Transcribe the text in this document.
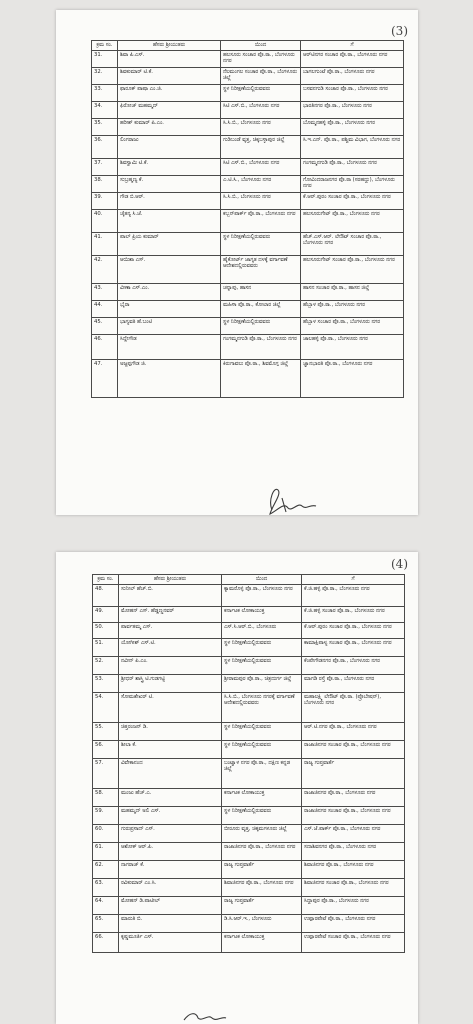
(3)
ಕ್ರಮ ಸಂ.	ಹೆಸರು ಶ್ರೀಯುತರು	ಯಿಂದ	ಗೆ
31.	ಶಿವಾ ಪಿ.ಎಸ್.	ಹಲಸೂರು ಸಂಚಾರ ಪೊ.ಠಾ., ಬೆಂಗಳೂರು ನಗರ	ಆರ್‌ಟಿನಗರ ಸಂಚಾರ ಪೊ.ಠಾ., ಬೆಂಗಳೂರು ನಗರ
32.	ಶಿವಕುಮಾರ್ ಟಿ.ಕೆ.	ನೆಲಮಂಗಲ ಸಂಚಾರ ಪೊ.ಠಾ., ಬೆಂಗಳೂರು ಜಿಲ್ಲೆ	ಬಾಗಲಗುಂಟೆ ಪೊ.ಠಾ., ಬೆಂಗಳೂರು ನಗರ
33.	ಫಾರೂಕ್ ಪಾಷಾ ಎಂ.ಜಿ.	ಸ್ಥಳ ನಿರೀಕ್ಷಣೆಯಲ್ಲಿರುವವರು	ಬಸವನಗುಡಿ ಸಂಚಾರ ಪೊ.ಠಾ., ಬೆಂಗಳೂರು ನಗರ
34.	ಫಿರೋಜ್ ಮಹಮ್ಮದ್	ಸಿಟಿ ಎಸ್.ಬಿ., ಬೆಂಗಳೂರು ನಗರ	ಭಾರತಿನಗರ ಪೊ.ಠಾ., ಬೆಂಗಳೂರು ನಗರ
35.	ಹರೀಶ್ ಕುಮಾರ್ ಪಿ.ಎಂ.	ಸಿ.ಸಿ.ಬಿ., ಬೆಂಗಳೂರು ನಗರ	ಬೊಮ್ಮನಹಳ್ಳಿ ಪೊ.ಠಾ., ಬೆಂಗಳೂರು ನಗರ
36.	ಲಿಂಗರಾಜು	ಗುಡಿಬಂಡೆ ವೃತ್ತ, ಚಿಕ್ಕಬಳ್ಳಾಪುರ ಜಿಲ್ಲೆ	ಸಿ.ಇ.ಎನ್. ಪೊ.ಠಾ., ಪಶ್ಚಿಮ ವಿಭಾಗ, ಬೆಂಗಳೂರು ನಗರ
37.	ಶಿವಸ್ವಾಮಿ ಟಿ.ಕೆ.	ಸಿಟಿ ಎಸ್.ಬಿ., ಬೆಂಗಳೂರು ನಗರ	ಗಂಗಮ್ಮನಗುಡಿ ಪೊ.ಠಾ., ಬೆಂಗಳೂರು ನಗರ
38.	ಸುಬ್ರಹ್ಮಣ್ಯ ಕೆ.	ಎ.ಟಿ.ಸಿ., ಬೆಂಗಳೂರು ನಗರ	ಗೋವಿಂದರಾಜನಗರ ಪೊ.ಠಾ (ಸರಹದ್ದು), ಬೆಂಗಳೂರು ನಗರ
39.	ಗೌಡ ಬಿ.ಆರ್.	ಸಿ.ಸಿ.ಬಿ., ಬೆಂಗಳೂರು ನಗರ	ಕೆ.ಆರ್.ಪುರಂ ಸಂಚಾರ ಪೊ.ಠಾ., ಬೆಂಗಳೂರು ನಗರ
40.	ಚೈತನ್ಯ ಸಿ.ಜೆ.	ಕಬ್ಬನ್‌ಪಾರ್ಕ್ ಪೊ.ಠಾ., ಬೆಂಗಳೂರು ನಗರ	ಹಲಸೂರುಗೇಟ್ ಪೊ.ಠಾ., ಬೆಂಗಳೂರು ನಗರ
41.	ಪಾಲ್ ಪ್ರಿಯ ಕುಮಾರ್	ಸ್ಥಳ ನಿರೀಕ್ಷಣೆಯಲ್ಲಿರುವವರು	ಹೆಚ್.ಎಸ್.ಆರ್. ಲೇಔಟ್ ಸಂಚಾರ ಪೊ.ಠಾ., ಬೆಂಗಳೂರು ನಗರ
42.	ಆಯಿಶಾ ಎಸ್.	ಹೈಕೋರ್ಟ್ ಜಾಗೃತ ದಳಕ್ಕೆ ವರ್ಗಾವಣೆ ಆದೇಶದಲ್ಲಿರುವವರು	ಹಲಸೂರುಗೇಟ್ ಸಂಚಾರ ಪೊ.ಠಾ., ಬೆಂಗಳೂರು ನಗರ
43.	ವೀಣಾ ಎಸ್.ಎಂ.	ಚನ್ನಾಪು, ಹಾಸನ	ಹಾಸನ ಸಂಚಾರ ಪೊ.ಠಾ., ಹಾಸನ ಜಿಲ್ಲೆ
44.	ಭೈರಾ	ಮಹಿಳಾ ಪೊ.ಠಾ., ಕೋಲಾರ ಜಿಲ್ಲೆ	ಹೆಬ್ಬಾಳ ಪೊ.ಠಾ., ಬೆಂಗಳೂರು ನಗರ
45.	ಭಾಗ್ಯವತಿ ಹೆ.ಬಂಟಿ	ಸ್ಥಳ ನಿರೀಕ್ಷಣೆಯಲ್ಲಿರುವವರು	ಹೆಬ್ಬಾಳ ಸಂಚಾರ ಪೊ.ಠಾ., ಬೆಂಗಳೂರು ನಗರ
46.	ಸಿದ್ದೇಗೌಡ	ಗಂಗಮ್ಮನಗುಡಿ ಪೊ.ಠಾ., ಬೆಂಗಳೂರು ನಗರ	ಜಾಲಹಳ್ಳಿ ಪೊ.ಠಾ., ಬೆಂಗಳೂರು ನಗರ
47.	ಅಜ್ಜಪ್ಪಗೌಡ ಜಿ.	ಕಿರುಗಾವಲು ಪೊ.ಠಾ., ಶಿವಮೊಗ್ಗ ಜಿಲ್ಲೆ	ಜ್ಞಾನಭಾರತಿ ಪೊ.ಠಾ., ಬೆಂಗಳೂರು ನಗರ
(4)
ಕ್ರಮ ಸಂ.	ಹೆಸರು ಶ್ರೀಯುತರು	ಯಿಂದ	ಗೆ
48.	ಸುನೀಲ್ ಹೆಚ್.ಬಿ.	ಕ್ಯಾಮರೊಳ್ಳಿ ಪೊ.ಠಾ., ಬೆಂಗಳೂರು ನಗರ	ಕೆ.ಜಿ.ಹಳ್ಳಿ ಪೊ.ಠಾ., ಬೆಂಗಳೂರು ನಗರ
49.	ಮೋಹನ್ ಎಸ್. ಹೆಡ್ಡಣ್ಣನವರ್	ಕರ್ನಾಟಕ ಲೋಕಾಯುಕ್ತ	ಕೆ.ಜಿ.ಹಳ್ಳಿ ಸಂಚಾರ ಪೊ.ಠಾ., ಬೆಂಗಳೂರು ನಗರ
50.	ಪಾರ್ವತಮ್ಮ ಎಸ್.	ಎಸ್.ಸಿ.ಆರ್.ಬಿ., ಬೆಂಗಳೂರು	ಕೆ.ಆರ್.ಪುರಂ ಸಂಚಾರ ಪೊ.ಠಾ., ಬೆಂಗಳೂರು ನಗರ
51.	ಯೋಗೀಶ್ ಎಸ್.ಟಿ.	ಸ್ಥಳ ನಿರೀಕ್ಷಣೆಯಲ್ಲಿರುವವರು	ಕಾಮಾಕ್ಷಿಪಾಳ್ಯ ಸಂಚಾರ ಪೊ.ಠಾ., ಬೆಂಗಳೂರು ನಗರ
52.	ನವೀನ್ ಪಿ.ಎಂ.	ಸ್ಥಳ ನಿರೀಕ್ಷಣೆಯಲ್ಲಿರುವವರು	ಕೆಂಪೇಗೌಡನಗರ ಪೊ.ಠಾ., ಬೆಂಗಳೂರು ನಗರ
53.	ಶ್ರೀಧರ್ ಶಾಸ್ತ್ರಿ ಟಿ.ಗುಡಗಟ್ಟಿ	ಶ್ರೀರಾಮಪುರ ಪೊ.ಠಾ., ಚಿತ್ರದುರ್ಗ ಜಿಲ್ಲೆ	ಮಾಗಡಿ ರಸ್ತೆ ಪೊ.ಠಾ., ಬೆಂಗಳೂರು ನಗರ
54.	ಸೋಮಶೇಖರ್ ಟಿ.	ಸಿ.ಸಿ.ಬಿ., ಬೆಂಗಳೂರು ನಗರಕ್ಕೆ ವರ್ಗಾವಣೆ ಆದೇಶದಲ್ಲಿರುವವರು	ಮಹಾಲಕ್ಷ್ಮಿ ಲೇಔಟ್ ಪೊ.ಠಾ. (ಪ್ರೊಬೇಷನ್), ಬೆಂಗಳೂರು ನಗರ
55.	ಚಿತ್ತರಂಜನ್ ಡಿ.	ಸ್ಥಳ ನಿರೀಕ್ಷಣೆಯಲ್ಲಿರುವವರು	ಆರ್.ಟಿ.ನಗರ ಪೊ.ಠಾ., ಬೆಂಗಳೂರು ನಗರ
56.	ಶೀಲಾ ಕೆ.	ಸ್ಥಳ ನಿರೀಕ್ಷಣೆಯಲ್ಲಿರುವವರು	ರಾಜಾಜಿನಗರ ಸಂಚಾರ ಪೊ.ಠಾ., ಬೆಂಗಳೂರು ನಗರ
57.	ವಿವೇಕಾನಂದ	ಬಂಟ್ವಾಳ ನಗರ ಪೊ.ಠಾ., ದಕ್ಷಿಣ ಕನ್ನಡ ಜಿಲ್ಲೆ	ರಾಜ್ಯ ಗುಪ್ತವಾರ್ತೆ
58.	ಮಂಜು ಹೆಚ್.ಎ.	ಕರ್ನಾಟಕ ಲೋಕಾಯುಕ್ತ	ರಾಜಾಜಿನಗರ ಪೊ.ಠಾ., ಬೆಂಗಳೂರು ನಗರ
59.	ಮಹಮ್ಮದ್ ಅಲಿ ಎಸ್.	ಸ್ಥಳ ನಿರೀಕ್ಷಣೆಯಲ್ಲಿರುವವರು	ರಾಜಾಜಿನಗರ ಸಂಚಾರ ಪೊ.ಠಾ., ಬೆಂಗಳೂರು ನಗರ
60.	ಗುರುಪ್ರಸಾದ್ ಎಸ್.	ಬೀರೂರು ವೃತ್ತ, ಚಿಕ್ಕಮಗಳೂರು ಜಿಲ್ಲೆ	ಎಸ್.ಜೆ.ಪಾರ್ಕ್ ಪೊ.ಠಾ., ಬೆಂಗಳೂರು ನಗರ
61.	ಆಶೋಕ್ ಆರ್.ಪಿ.	ರಾಜಾಜಿನಗರ ಪೊ.ಠಾ., ಬೆಂಗಳೂರು ನಗರ	ಸದಾಶಿವನಗರ ಪೊ.ಠಾ., ಬೆಂಗಳೂರು ನಗರ
62.	ನಾಗರಾಜ್ ಕೆ.	ರಾಜ್ಯ ಗುಪ್ತವಾರ್ತೆ	ಶಿವಾಜಿನಗರ ಪೊ.ಠಾ., ಬೆಂಗಳೂರು ನಗರ
63.	ರವಿಕುಮಾರ್ ಎಂ.ಸಿ.	ಶಿವಾಜಿನಗರ ಪೊ.ಠಾ., ಬೆಂಗಳೂರು ನಗರ	ಶಿವಾಜಿನಗರ ಸಂಚಾರ ಪೊ.ಠಾ., ಬೆಂಗಳೂರು ನಗರ
64.	ಮೋಹನ್ ಡಿ.ಪಾಟೀಲ್	ರಾಜ್ಯ ಗುಪ್ತವಾರ್ತೆ	ಸಿದ್ದಾಪುರ ಪೊ.ಠಾ., ಬೆಂಗಳೂರು ನಗರ
65.	ಮಾರುತಿ ಬಿ.	ಡಿ.ಸಿ.ಆರ್.ಇ., ಬೆಂಗಳೂರು	ಉಪ್ಪಾರಪೇಟೆ ಪೊ.ಠಾ., ಬೆಂಗಳೂರು ನಗರ
66.	ಕೃಷ್ಣಮೂರ್ತಿ ಎಸ್.	ಕರ್ನಾಟಕ ಲೋಕಾಯುಕ್ತ	ಉಪ್ಪಾರಪೇಟೆ ಸಂಚಾರ ಪೊ.ಠಾ., ಬೆಂಗಳೂರು ನಗರ
